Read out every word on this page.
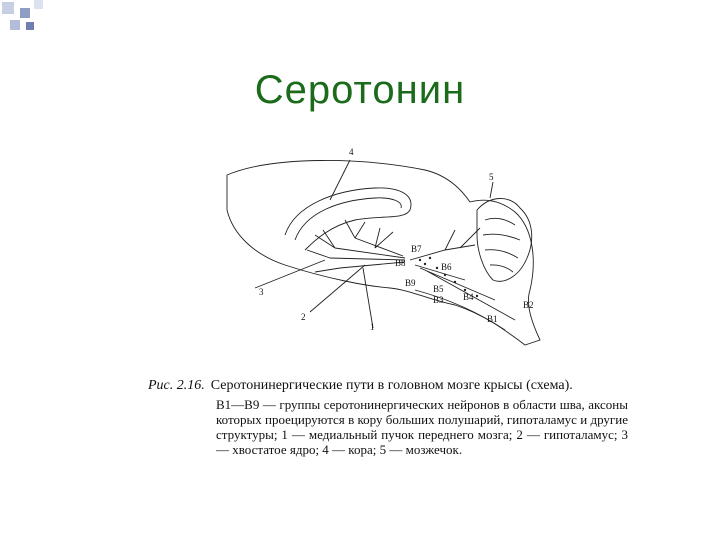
Серотонин
1
2
3
4
5
B1
B2
B3 B4
B5
B6
B7
B8
B9
Рис. 2.16. Серотонинергические пути в головном мозге крысы (схема).
B1—B9 — группы серотонинергических нейронов в области шва, аксоны которых проецируются в кору больших полушарий, гипоталамус и другие структуры; 1 — медиальный пучок переднего мозга; 2 — гипоталамус; 3 — хвостатое ядро; 4 — кора; 5 — мозжечок.
